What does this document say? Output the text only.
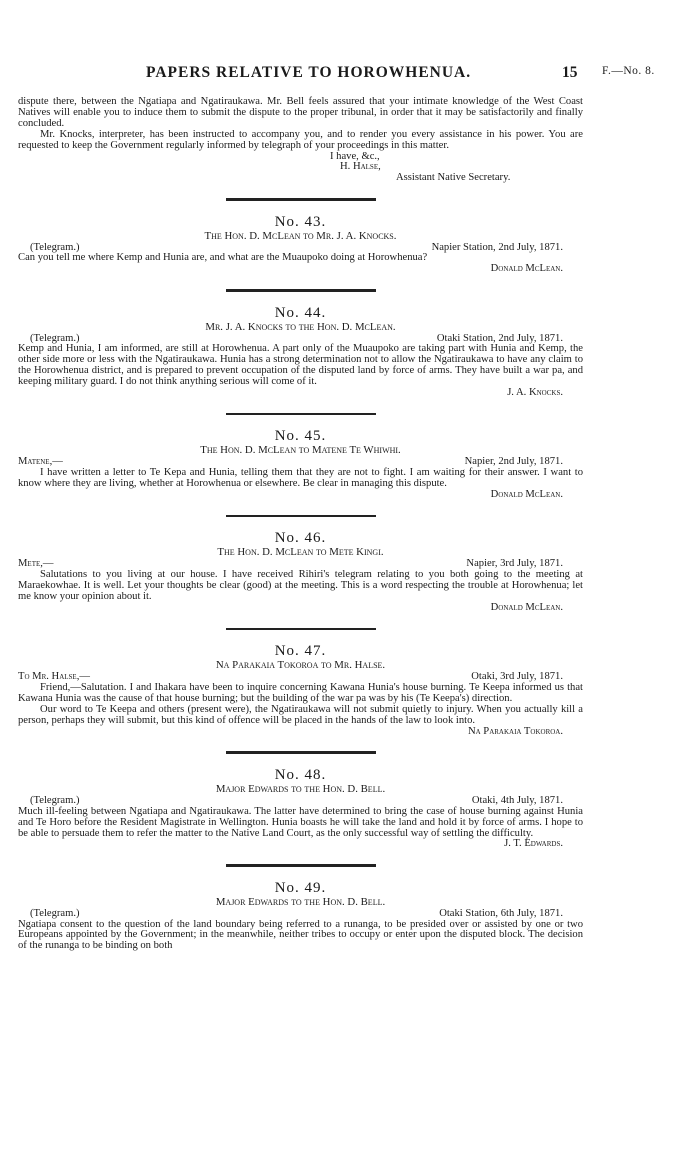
PAPERS RELATIVE TO HOROWHENUA.	15 F.—No. 8.

dispute there, between the Ngatiapa and Ngatiraukawa. Mr. Bell feels assured that your intimate knowledge of the West Coast Natives will enable you to induce them to submit the dispute to the proper tribunal, in order that it may be satisfactorily and finally concluded.

Mr. Knocks, interpreter, has been instructed to accompany you, and to render you every assistance in his power. You are requested to keep the Government regularly informed by telegraph of your proceedings in this matter.

I have, &c.,

H. Halse,

Assistant Native Secretary.

No. 43.

The Hon. D. McLean to Mr. J. A. Knocks.

(Telegram.)	Napier Station, 2nd July, 1871.

Can you tell me where Kemp and Hunia are, and what are the Muaupoko doing at Horowhenua?

Donald McLean.

No. 44.

Mr. J. A. Knocks to the Hon. D. McLean.

(Telegram.)	Otaki Station, 2nd July, 1871.

Kemp and Hunia, I am informed, are still at Horowhenua. A part only of the Muaupoko are taking part with Hunia and Kemp, the other side more or less with the Ngatiraukawa. Hunia has a strong determination not to allow the Ngatiraukawa to have any claim to the Horowhenua district, and is prepared to prevent occupation of the disputed land by force of arms. They have built a war pa, and keeping military guard. I do not think anything serious will come of it.

J. A. Knocks.

No. 45.

The Hon. D. McLean to Matene Te Whiwhi.

Matene,—	Napier, 2nd July, 1871.

I have written a letter to Te Kepa and Hunia, telling them that they are not to fight. I am waiting for their answer. I want to know where they are living, whether at Horowhenua or elsewhere. Be clear in managing this dispute.

Donald McLean.

No. 46.

The Hon. D. McLean to Mete Kingi.

Mete,—	Napier, 3rd July, 1871.

Salutations to you living at our house. I have received Rihiri's telegram relating to you both going to the meeting at Maraekowhae. It is well. Let your thoughts be clear (good) at the meeting. This is a word respecting the trouble at Horowhenua; let me know your opinion about it.

Donald McLean.

No. 47.

Na Parakaia Tokoroa to Mr. Halse.

To Mr. Halse,—	Otaki, 3rd July, 1871.

Friend,—Salutation. I and Ihakara have been to inquire concerning Kawana Hunia's house burning. Te Keepa informed us that Kawana Hunia was the cause of that house burning; but the building of the war pa was by his (Te Keepa's) direction.

Our word to Te Keepa and others (present were), the Ngatiraukawa will not submit quietly to injury. When you actually kill a person, perhaps they will submit, but this kind of offence will be placed in the hands of the law to look into.

Na Parakaia Tokoroa.

No. 48.

Major Edwards to the Hon. D. Bell.

(Telegram.)	Otaki, 4th July, 1871.

Much ill-feeling between Ngatiapa and Ngatiraukawa. The latter have determined to bring the case of house burning against Hunia and Te Horo before the Resident Magistrate in Wellington. Hunia boasts he will take the land and hold it by force of arms. I hope to be able to persuade them to refer the matter to the Native Land Court, as the only successful way of settling the difficulty.

J. T. Edwards.

No. 49.

Major Edwards to the Hon. D. Bell.

(Telegram.)	Otaki Station, 6th July, 1871.

Ngatiapa consent to the question of the land boundary being referred to a runanga, to be presided over or assisted by one or two Europeans appointed by the Government; in the meanwhile, neither tribes to occupy or enter upon the disputed block. The decision of the runanga to be binding on both
